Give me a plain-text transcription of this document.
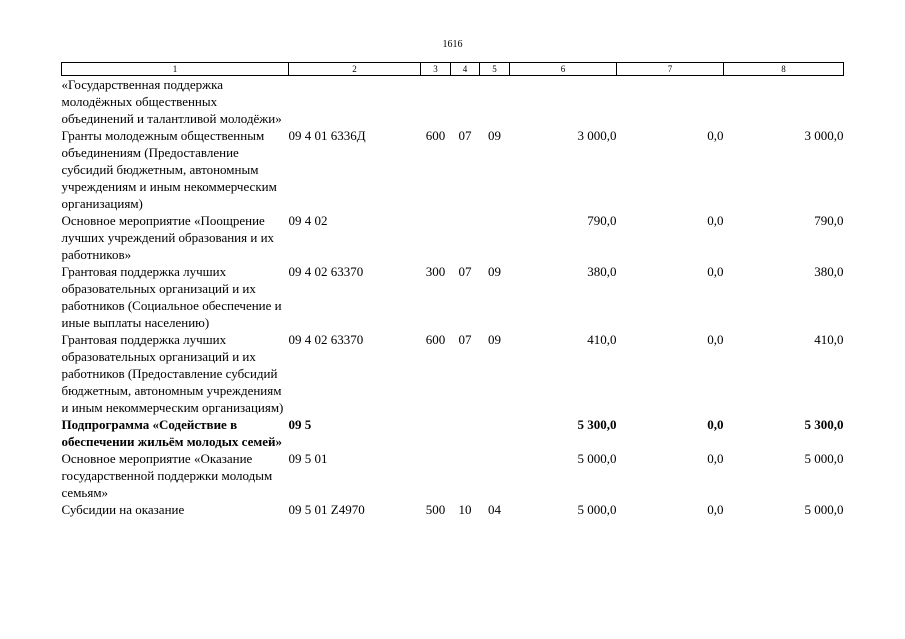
1616
1	2	3	4	5	6	7	8
«Государственная поддержка молодёжных общественных объединений и талантливой молодёжи»							
Гранты молодежным общественным объединениям (Предоставление субсидий бюджетным, автономным учреждениям и иным некоммерческим организациям)	09 4 01 6336Д	600	07	09	3 000,0	0,0	3 000,0
Основное мероприятие «Поощрение лучших учреждений образования и их работников»	09 4 02				790,0	0,0	790,0
Грантовая поддержка лучших образовательных организаций и их работников (Социальное обеспечение и иные выплаты населению)	09 4 02 63370	300	07	09	380,0	0,0	380,0
Грантовая поддержка лучших образовательных организаций и их работников (Предоставление субсидий бюджетным, автономным учреждениям и иным некоммерческим организациям)	09 4 02 63370	600	07	09	410,0	0,0	410,0
Подпрограмма «Содействие в обеспечении жильём молодых семей»	09 5				5 300,0	0,0	5 300,0
Основное мероприятие «Оказание государственной поддержки молодым семьям»	09 5 01				5 000,0	0,0	5 000,0
Субсидии на оказание	09 5 01 Z4970	500	10	04	5 000,0	0,0	5 000,0
